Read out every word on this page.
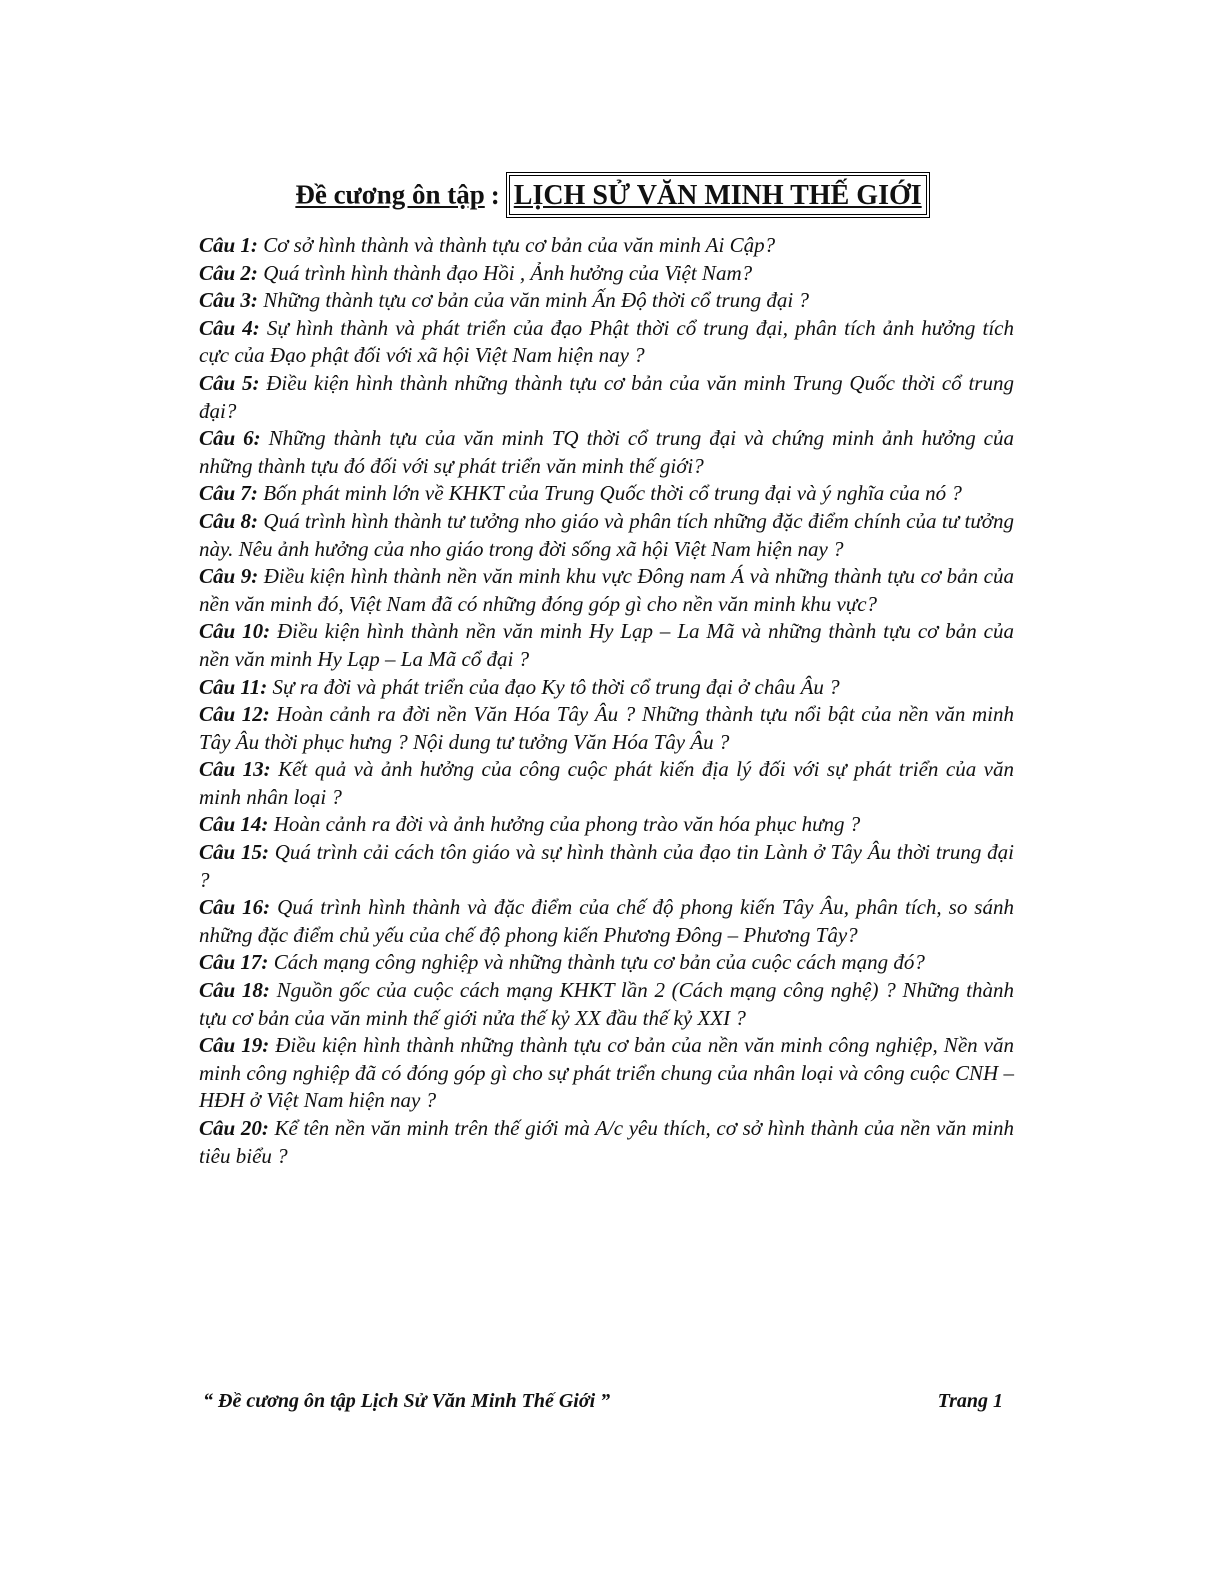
Đề cương ôn tập : LỊCH SỬ VĂN MINH THẾ GIỚI

Câu 1: Cơ sở hình thành và thành tựu cơ bản của văn minh Ai Cập?

Câu 2: Quá trình hình thành đạo Hồi , Ảnh hưởng của Việt Nam?

Câu 3: Những thành tựu cơ bản của văn minh Ấn Độ thời cổ trung đại ?

Câu 4: Sự hình thành và phát triển của đạo Phật thời cổ trung đại, phân tích ảnh hưởng tích cực của Đạo phật đối với xã hội Việt Nam hiện nay ?

Câu 5: Điều kiện hình thành những thành tựu cơ bản của văn minh Trung Quốc thời cổ trung đại?

Câu 6: Những thành tựu của văn minh TQ thời cổ trung đại và chứng minh ảnh hưởng của những thành tựu đó đối với sự phát triển văn minh thế giới?

Câu 7: Bốn phát minh lớn về KHKT của Trung Quốc thời cổ trung đại và ý nghĩa của nó ?

Câu 8: Quá trình hình thành tư tưởng nho giáo và phân tích những đặc điểm chính của tư tưởng này. Nêu ảnh hưởng của nho giáo trong đời sống xã hội Việt Nam hiện nay ?

Câu 9: Điều kiện hình thành nền văn minh khu vực Đông nam Á và những thành tựu cơ bản của nền văn minh đó, Việt Nam đã có những đóng góp gì cho nền văn minh khu vực?

Câu 10: Điều kiện hình thành nền văn minh Hy Lạp – La Mã và những thành tựu cơ bản của nền văn minh Hy Lạp – La Mã cổ đại ?

Câu 11: Sự ra đời và phát triển của đạo Ky tô thời cổ trung đại ở châu Âu ?

Câu 12: Hoàn cảnh ra đời nền Văn Hóa Tây Âu ? Những thành tựu nổi bật của nền văn minh Tây Âu thời phục hưng ? Nội dung tư tưởng Văn Hóa Tây Âu ?

Câu 13: Kết quả và ảnh hưởng của công cuộc phát kiến địa lý đối với sự phát triển của văn minh nhân loại ?

Câu 14: Hoàn cảnh ra đời và ảnh hưởng của phong trào văn hóa phục hưng ?

Câu 15: Quá trình cải cách tôn giáo và sự hình thành của đạo tin Lành ở Tây Âu thời trung đại ?

Câu 16: Quá trình hình thành và đặc điểm của chế độ phong kiến Tây Âu, phân tích, so sánh những đặc điểm chủ yếu của chế độ phong kiến Phương Đông – Phương Tây?

Câu 17: Cách mạng công nghiệp và những thành tựu cơ bản của cuộc cách mạng đó?

Câu 18: Nguồn gốc của cuộc cách mạng KHKT lần 2 (Cách mạng công nghệ) ? Những thành tựu cơ bản của văn minh thế giới nửa thế kỷ XX đầu thế kỷ XXI ?

Câu 19: Điều kiện hình thành những thành tựu cơ bản của nền văn minh công nghiệp, Nền văn minh công nghiệp đã có đóng góp gì cho sự phát triển chung của nhân loại và công cuộc CNH – HĐH ở Việt Nam hiện nay ?

Câu 20: Kể tên nền văn minh trên thế giới mà A/c yêu thích, cơ sở hình thành của nền văn minh tiêu biểu ?

“ Đề cương ôn tập Lịch Sử Văn Minh Thế Giới ”	Trang 1
